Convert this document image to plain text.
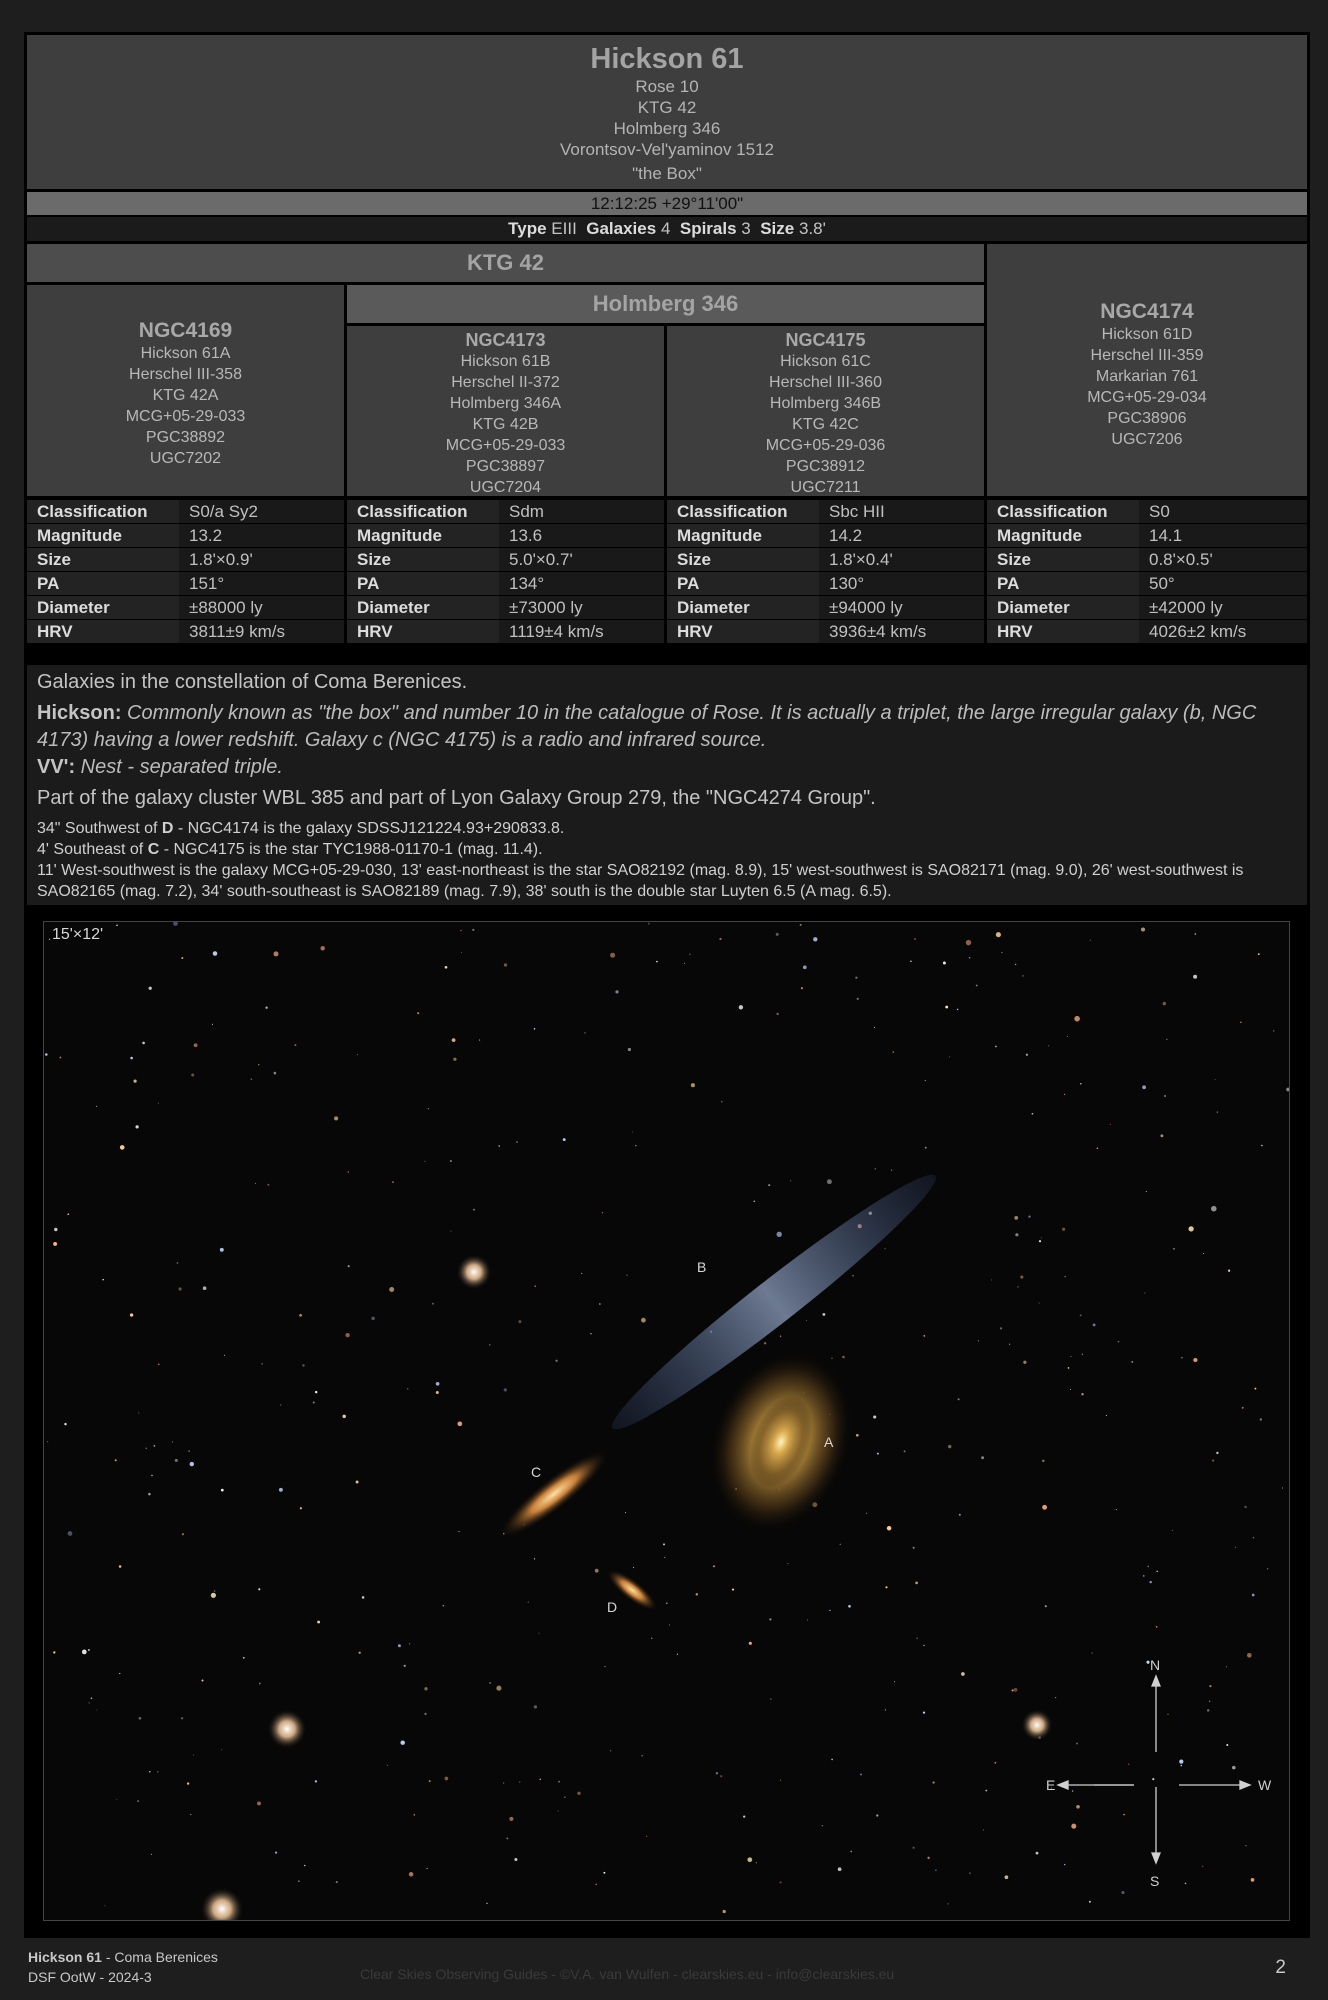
Hickson 61
Rose 10
KTG 42
Holmberg 346
Vorontsov-Vel'yaminov 1512
"the Box"
12:12:25 +29°11'00"
Type EIII Galaxies 4 Spirals 3 Size 3.8'
KTG 42
NGC4174
Hickson 61D
Herschel III-359
Markarian 761
MCG+05-29-034
PGC38906
UGC7206
NGC4169
Hickson 61A
Herschel III-358
KTG 42A
MCG+05-29-033
PGC38892
UGC7202
Holmberg 346
NGC4173
Hickson 61B
Herschel II-372
Holmberg 346A
KTG 42B
MCG+05-29-033
PGC38897
UGC7204
NGC4175
Hickson 61C
Herschel III-360
Holmberg 346B
KTG 42C
MCG+05-29-036
PGC38912
UGC7211
Classification	S0/a Sy2
Magnitude	13.2
Size	1.8'×0.9'
PA	151°
Diameter	±88000 ly
HRV	3811±9 km/s
Classification	Sdm
Magnitude	13.6
Size	5.0'×0.7'
PA	134°
Diameter	±73000 ly
HRV	1119±4 km/s
Classification	Sbc HII
Magnitude	14.2
Size	1.8'×0.4'
PA	130°
Diameter	±94000 ly
HRV	3936±4 km/s
Classification	S0
Magnitude	14.1
Size	0.8'×0.5'
PA	50°
Diameter	±42000 ly
HRV	4026±2 km/s

Galaxies in the constellation of Coma Berenices.

Hickson: Commonly known as "the box" and number 10 in the catalogue of Rose. It is actually a triplet, the large irregular galaxy (b, NGC 4173) having a lower redshift. Galaxy c (NGC 4175) is a radio and infrared source.
VV': Nest - separated triple.

Part of the galaxy cluster WBL 385 and part of Lyon Galaxy Group 279, the "NGC4274 Group".

34" Southwest of D - NGC4174 is the galaxy SDSSJ121224.93+290833.8.
4' Southeast of C - NGC4175 is the star TYC1988-01170-1 (mag. 11.4).
11' West-southwest is the galaxy MCG+05-29-030, 13' east-northeast is the star SAO82192 (mag. 8.9), 15' west-southwest is SAO82171 (mag. 9.0), 26' west-southwest is SAO82165 (mag. 7.2), 34' south-southeast is SAO82189 (mag. 7.9), 38' south is the double star Luyten 6.5 (A mag. 6.5).

B
A
C
D
N
S
E	W
15'×12'
Hickson 61 - Coma Berenices
DSF OotW - 2024-3	Clear Skies Observing Guides - ©V.A. van Wulfen - clearskies.eu - info@clearskies.eu	2
